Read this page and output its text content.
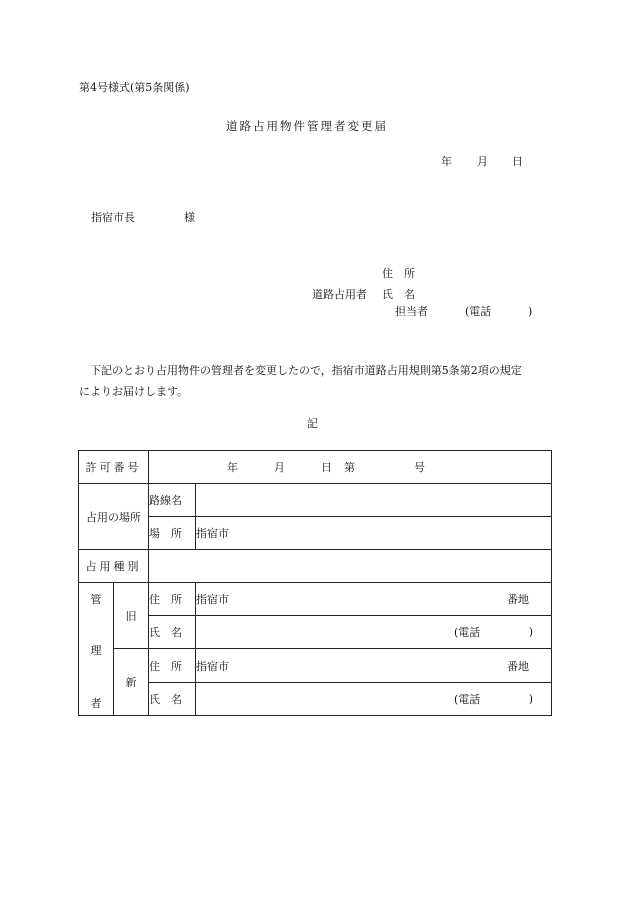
第4号様式(第5条関係)
道路占用物件管理者変更届
年 月 日
指宿市長	様
住　所
道路占用者 氏　名
担当者	(電話	)
下記のとおり占用物件の管理者を変更したので，指宿市道路占用規則第5条第2項の規定
によりお届けします。
記
許可番号		年 月 日 第 号	

占用の場所		路線名	
		場　所	指宿市
占用種別			

管
理
者	旧	住　所	指宿市 番地

		氏　名	(電話 )

	新	住　所	指宿市 番地

		氏　名	(電話 )
